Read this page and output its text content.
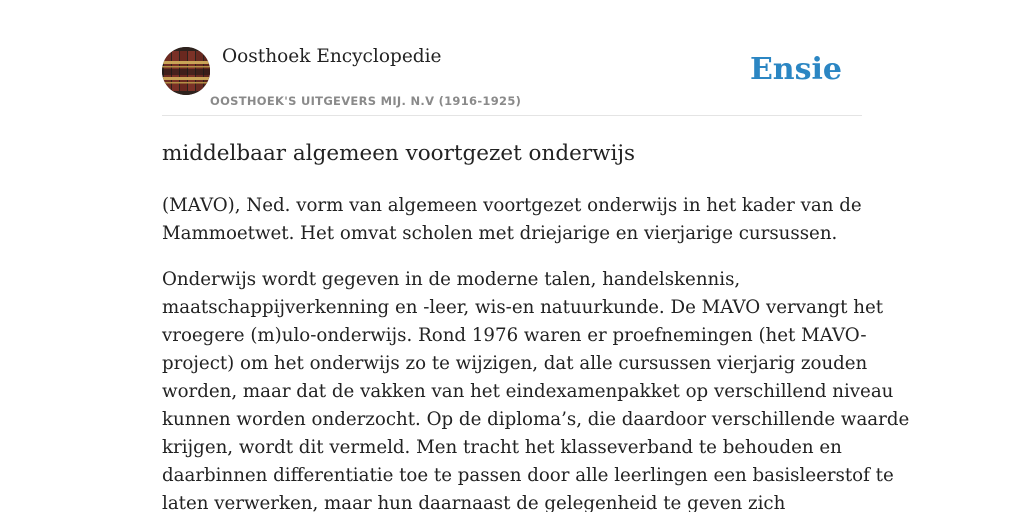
Oosthoek Encyclopedie
OOSTHOEK'S UITGEVERS MIJ. N.V (1916-1925)
Ensie
middelbaar algemeen voortgezet onderwijs

(MAVO), Ned. vorm van algemeen voortgezet onderwijs in het kader van de
Mammoetwet. Het omvat scholen met driejarige en vierjarige cursussen.

Onderwijs wordt gegeven in de moderne talen, handelskennis,
maatschappijverkenning en -leer, wis-en natuurkunde. De MAVO vervangt het
vroegere (m)ulo-onderwijs. Rond 1976 waren er proefnemingen (het MAVO-
project) om het onderwijs zo te wijzigen, dat alle cursussen vierjarig zouden
worden, maar dat de vakken van het eindexamenpakket op verschillend niveau
kunnen worden onderzocht. Op de diploma’s, die daardoor verschillende waarde
krijgen, wordt dit vermeld. Men tracht het klasseverband te behouden en
daarbinnen differentiatie toe te passen door alle leerlingen een basisleerstof te
laten verwerken, maar hun daarnaast de gelegenheid te geven zich
